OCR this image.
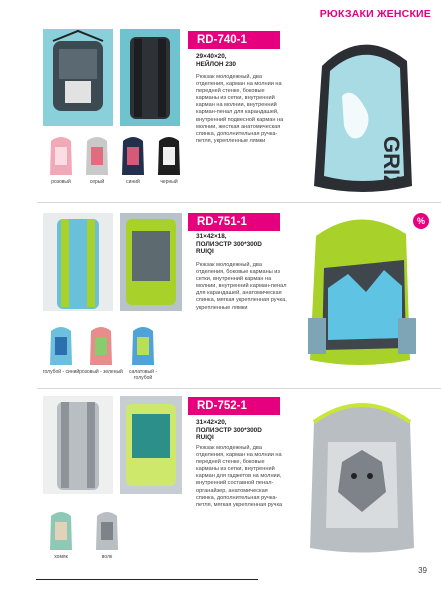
РЮКЗАКИ ЖЕНСКИЕ
GRIZ
RD-740-1
29×40×20,
НЕЙЛОН 230
Рюкзак молодежный, два отделения, карман на молнии на передней стенке, боковые карманы из сетки, внутренний карман на молнии, внутренний карман-пенал для карандашей, внутренний подвесной карман на молнии, жесткая анатомическая спинка, дополнительная ручка-петля, укрепленные лямки
розовый	серый	синий	черный
%
RD-751-1
31×42×18,
ПОЛИЭСТР 300*300D
RUIQI
Рюкзак молодежный, два отделения, боковые карманы из сетки, внутренний карман на молнии, внутренний карман-пенал для карандашей, анатомическая спинка, мягкая укрепленная ручка, укрепленные лямки
голубой - синий розовый - зеленый	салатовый - голубой
RD-752-1
31×42×20,
ПОЛИЭСТР 300*300D
RUIQI
Рюкзак молодежный, два отделения, карман на молнии на передней стенке, боковые карманы из сетки, внутренний карман для гаджетов на молнии, внутренний составной пенал-органайзер, анатомическая спинка, дополнительная ручка-петля, мягкая укрепленная ручка
хомяк	волк
39
